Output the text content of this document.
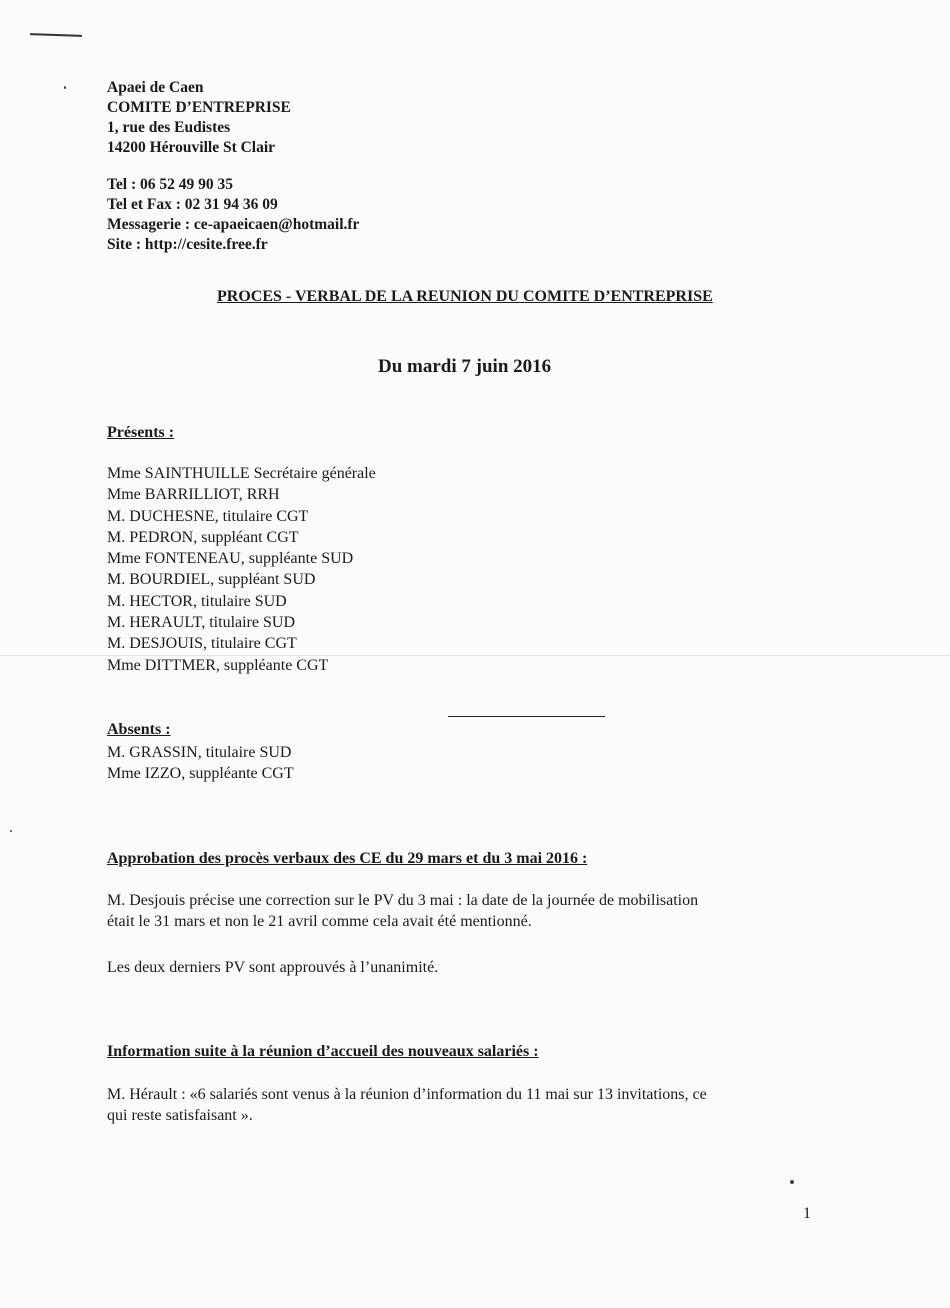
Apaei de Caen
COMITE D’ENTREPRISE
1, rue des Eudistes
14200 Hérouville St Clair
Tel : 06 52 49 90 35
Tel et Fax : 02 31 94 36 09
Messagerie : ce-apaeicaen@hotmail.fr
Site : http://cesite.free.fr
PROCES - VERBAL DE LA REUNION DU COMITE D’ENTREPRISE
Du mardi 7 juin 2016
Présents :
Mme SAINTHUILLE Secrétaire générale
Mme BARRILLIOT, RRH
M. DUCHESNE, titulaire CGT
M. PEDRON, suppléant CGT
Mme FONTENEAU, suppléante SUD
M. BOURDIEL, suppléant SUD
M. HECTOR, titulaire SUD
M. HERAULT, titulaire SUD
M. DESJOUIS, titulaire CGT
Mme DITTMER, suppléante CGT
Absents :
M. GRASSIN, titulaire SUD
Mme IZZO, suppléante CGT
Approbation des procès verbaux des CE du 29 mars et du 3 mai 2016 :
M. Desjouis précise une correction sur le PV du 3 mai : la date de la journée de mobilisation
était le 31 mars et non le 21 avril comme cela avait été mentionné.
Les deux derniers PV sont approuvés à l’unanimité.
Information suite à la réunion d’accueil des nouveaux salariés :
M. Hérault : «6 salariés sont venus à la réunion d’information du 11 mai sur 13 invitations, ce
qui reste satisfaisant ».
1
